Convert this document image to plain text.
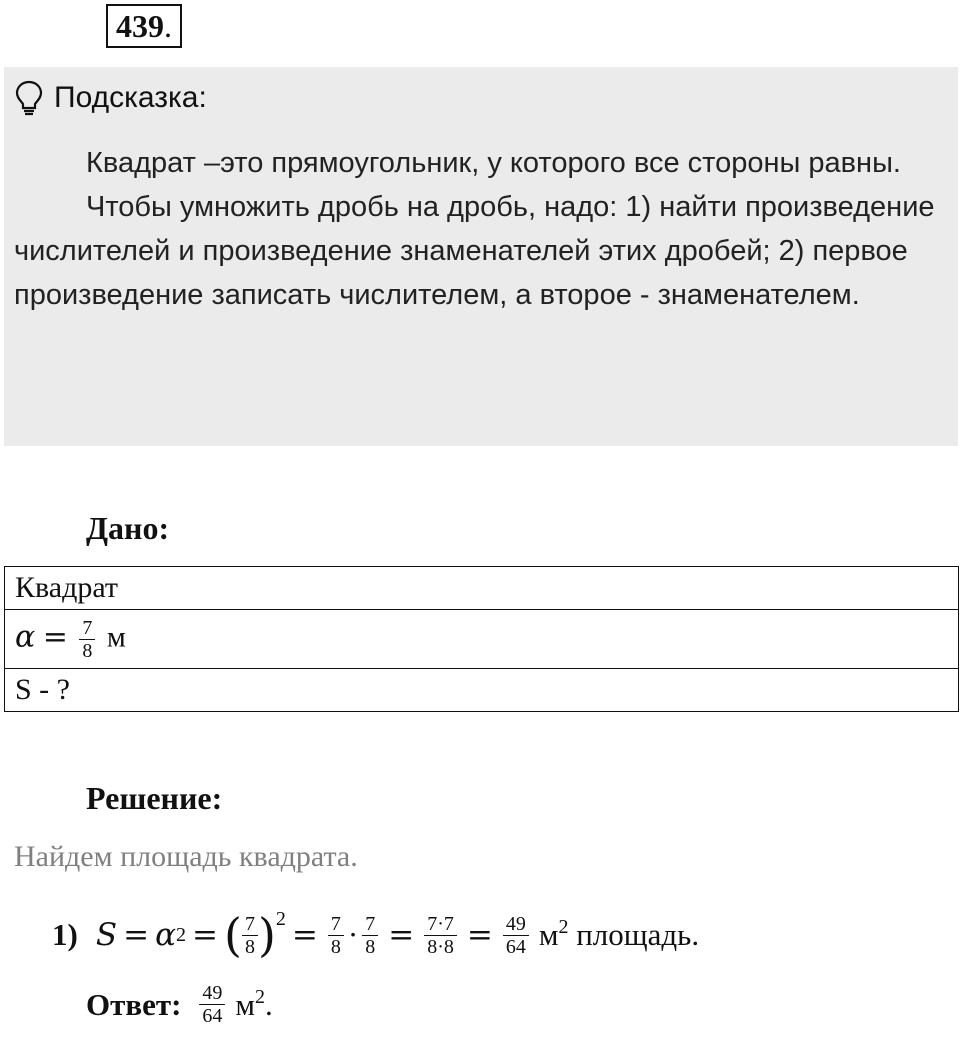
439.
Подсказка:

Квадрат –это прямоугольник, у которого все стороны равны.

Чтобы умножить дробь на дробь, надо: 1) найти произведение числителей и произведение знаменателей этих дробей; 2) первое произведение записать числителем, а второе - знаменателем.

Дано:
Квадрат
$\alpha = \frac{7}{8}$ м
S - ?
Решение:
Найдем площадь квадрата.
1) S = α 2 = ( $\frac{7}{8} )^2 = \frac{7}{8} \cdot \frac{7}{8} = \frac{7\cdot 7}{8\cdot 8} = \frac{49}{64} м^2$ площадь.
Ответ: $\frac{49}{64} м^2$ .
